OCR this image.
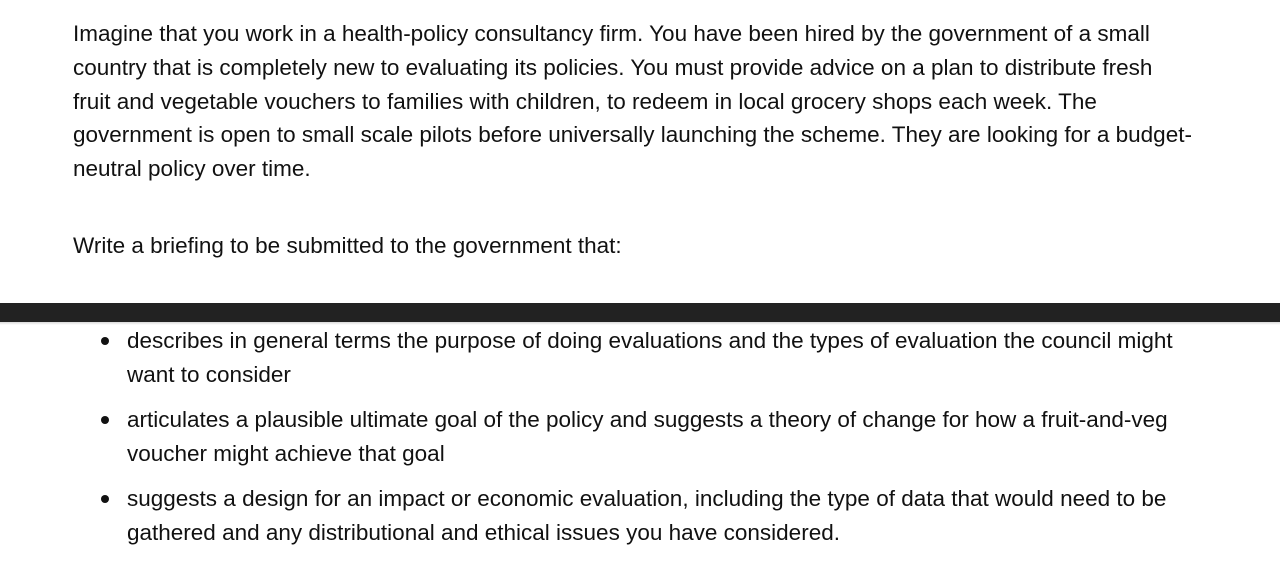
Imagine that you work in a health-policy consultancy firm. You have been hired by the government of a small country that is completely new to evaluating its policies. You must provide advice on a plan to distribute fresh fruit and vegetable vouchers to families with children, to redeem in local grocery shops each week. The government is open to small scale pilots before universally launching the scheme. They are looking for a budget-neutral policy over time.

Write a briefing to be submitted to the government that:

describes in general terms the purpose of doing evaluations and the types of evaluation the council might want to consider
articulates a plausible ultimate goal of the policy and suggests a theory of change for how a fruit-and-veg voucher might achieve that goal
suggests a design for an impact or economic evaluation, including the type of data that would need to be gathered and any distributional and ethical issues you have considered.
